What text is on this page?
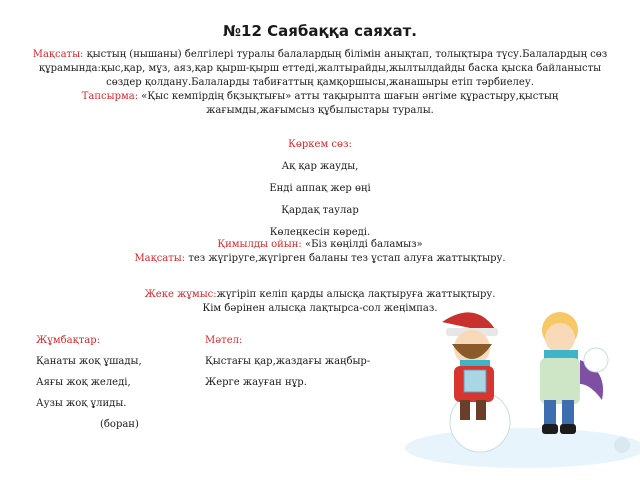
№12 Саябаққа саяхат.
Мақсаты: қыстың (нышаны) белгілері туралы балалардың білімін анықтап, толықтыра түсу.Балалардың сөз құрамында:қыс,қар, мұз, аяз,қар қырш-қырш еттеді,жалтырайды,жылтылдайды баска қыска байланысты сөздер қолдану.Балаларды табиғаттың қамқоршысы,жанашыры етіп тәрбиелеу.
Тапсырма: «Қыс кемпірдің бқзықтығы» атты тақырыпта шағын әнгіме құрастыру,қыстың жағымды,жағымсыз құбылыстары туралы.
Көркем сөз:
Ақ қар жауды,
Енді аппақ жер өңі
Қардақ таулар
Көлеңкесін көреді.
Қимылды ойын: «Біз көңілді баламыз»
Мақсаты: тез жүгіруге,жүгірген баланы тез ұстап алуға жаттықтыру.
Жеке жұмыс:жүгіріп келіп қарды алысқа лақтыруға жаттықтыру.
Кім бәрінен алысқа лақтырса-сол жеңімпаз.
Жұмбақтар:
Қанаты жоқ ұшады,
Аяғы жоқ желеді,
Аузы жоқ ұлиды.
(боран)
Мәтел:
Қыстағы қар,жаздағы жаңбыр-
Жерге жауған нұр.
